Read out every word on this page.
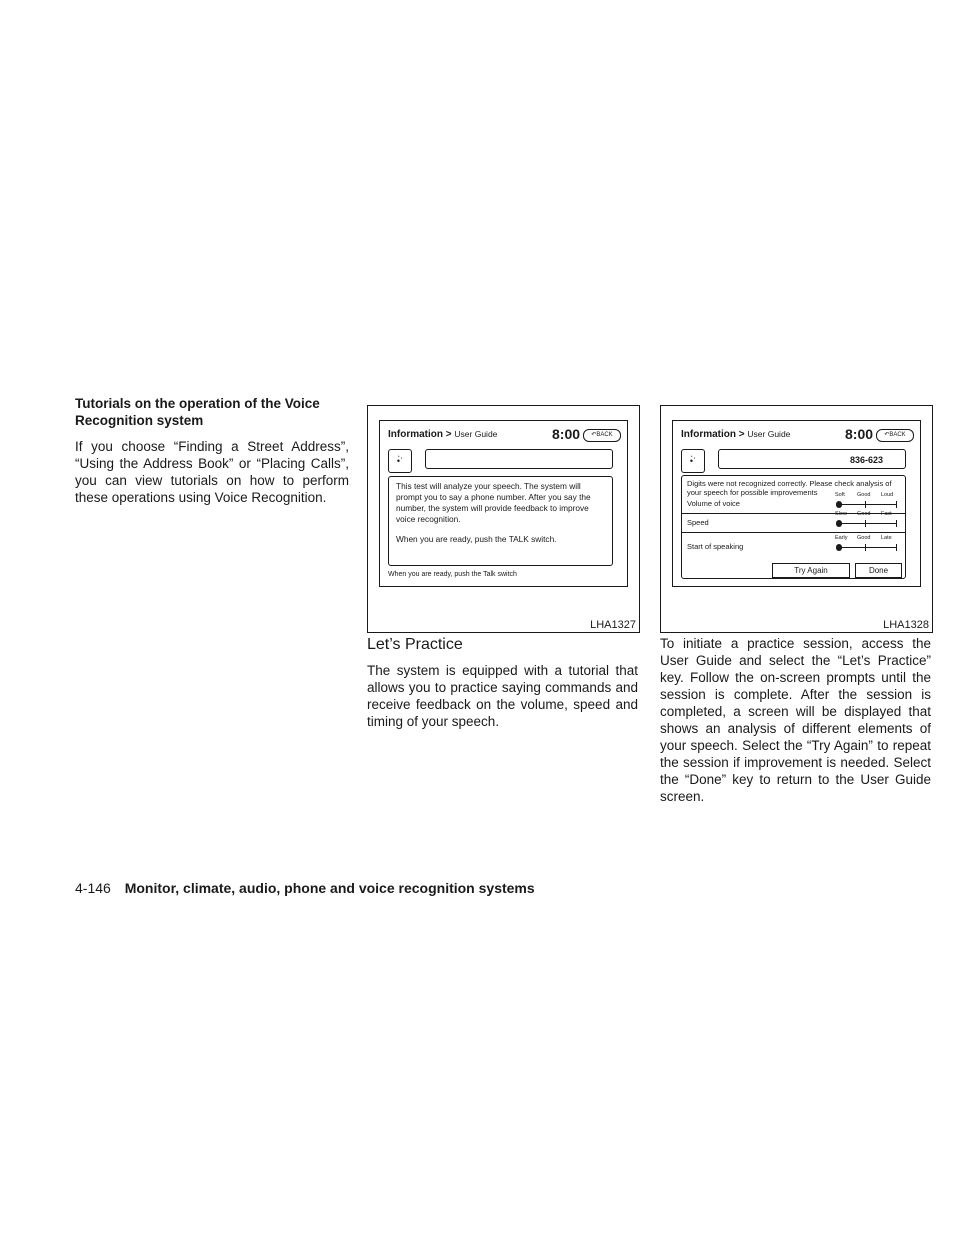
Tutorials on the operation of the Voice Recognition system
If you choose “Finding a Street Address”, “Using the Address Book” or “Placing Calls”, you can view tutorials on how to perform these operations using Voice Recognition.
Information > User Guide	8:00	↶BACK
•̀͏ʾ
This test will analyze your speech. The system will prompt you to say a phone number. After you say the number, the system will provide feedback to improve voice recognition.
When you are ready, push the TALK switch.
When you are ready, push the Talk switch
LHA1327
Information > User Guide	8:00	↶BACK
•̀͏ʾ	836-623
Digits were not recognized correctly. Please check analysis of your speech for possible improvements
Volume of voice
Soft Good Loud
Speed
Slow Good Fast
Start of speaking
Early Good Late
Try Again	Done
LHA1328
Let’s Practice
The system is equipped with a tutorial that allows you to practice saying commands and receive feedback on the volume, speed and timing of your speech.
To initiate a practice session, access the User Guide and select the “Let’s Practice” key. Follow the on-screen prompts until the session is complete. After the session is completed, a screen will be displayed that shows an analysis of different elements of your speech. Select the “Try Again” to repeat the session if improvement is needed. Select the “Done” key to return to the User Guide screen.
4-146 Monitor, climate, audio, phone and voice recognition systems
